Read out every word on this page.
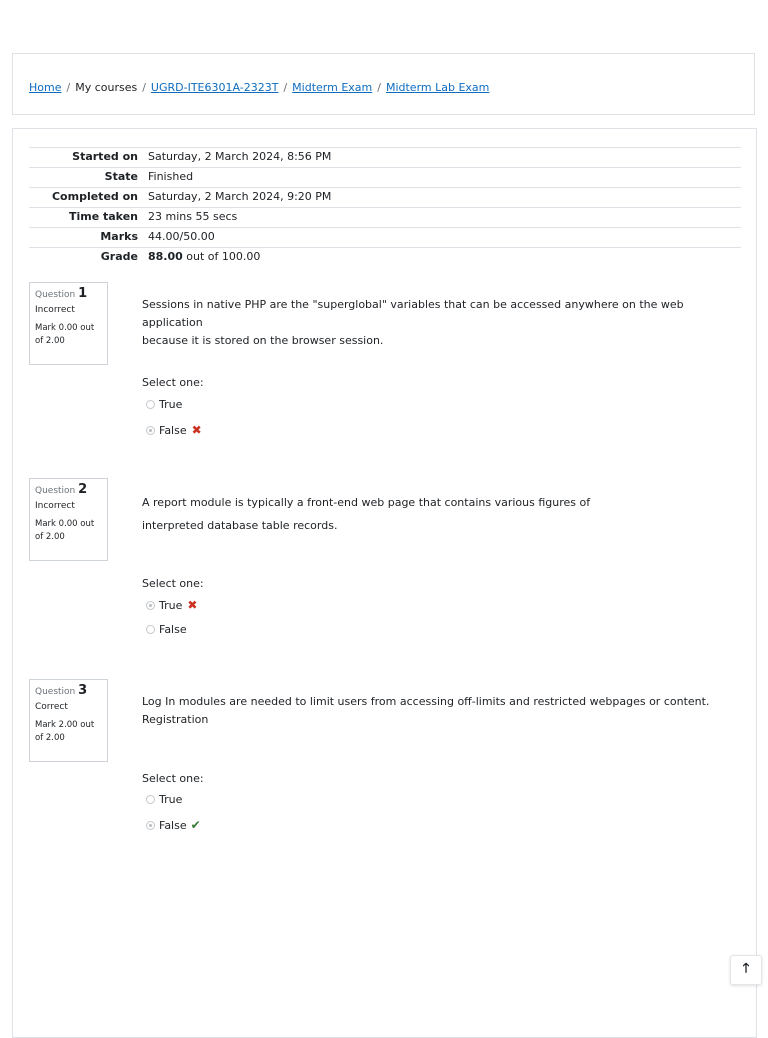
Home / My courses / UGRD-ITE6301A-2323T / Midterm Exam / Midterm Lab Exam
Started on	Saturday, 2 March 2024, 8:56 PM
State	Finished
Completed on	Saturday, 2 March 2024, 9:20 PM
Time taken	23 mins 55 secs
Marks	44.00/50.00
Grade	88.00 out of 100.00
Question 1
Incorrect
Mark 0.00 out of 2.00
Sessions in native PHP are the "superglobal" variables that can be accessed anywhere on the web application
because it is stored on the browser session.
Select one:
True
False ✖
Question 2
Incorrect
Mark 0.00 out of 2.00
A report module is typically a front-end web page that contains various figures of
interpreted database table records.
Select one:
True ✖
False
Question 3
Correct
Mark 2.00 out of 2.00
Log In modules are needed to limit users from accessing off-limits and restricted webpages or content.
Registration
Select one:
True
False ✔
🡑
